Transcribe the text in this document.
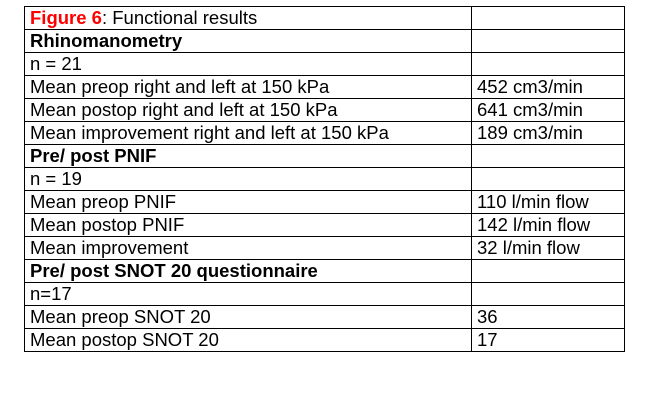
Figure 6: Functional results	
Rhinomanometry	
n = 21	
Mean preop right and left at 150 kPa	452 cm3/min
Mean postop right and left at 150 kPa	641 cm3/min
Mean improvement right and left at 150 kPa	189 cm3/min
Pre/ post PNIF	
n = 19	
Mean preop PNIF	110 l/min flow
Mean postop PNIF	142 l/min flow
Mean improvement	32 l/min flow
Pre/ post SNOT 20 questionnaire	
n=17	
Mean preop SNOT 20	36
Mean postop SNOT 20	17
